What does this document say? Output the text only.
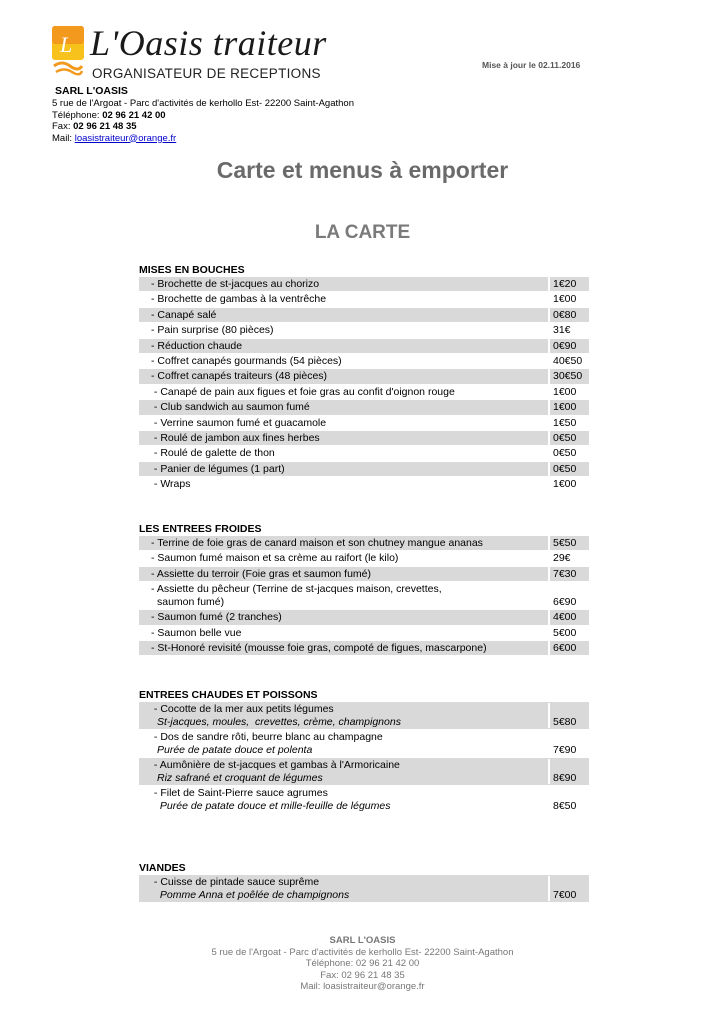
L L'Oasis traiteur
ORGANISATEUR DE RECEPTIONS
Mise à jour le 02.11.2016
SARL L'OASIS
5 rue de l'Argoat - Parc d'activités de kerhollo Est- 22200 Saint-Agathon
Téléphone: 02 96 21 42 00
Fax: 02 96 21 48 35
Mail: loasistraiteur@orange.fr
Carte et menus à emporter
LA CARTE
MISES EN BOUCHES
- Brochette de st-jacques au chorizo	1€20
- Brochette de gambas à la ventrêche	1€00
- Canapé salé	0€80
- Pain surprise (80 pièces)	31€
- Réduction chaude	0€90
- Coffret canapés gourmands (54 pièces)	40€50
- Coffret canapés traiteurs (48 pièces)	30€50
- Canapé de pain aux figues et foie gras au confit d'oignon rouge	1€00
- Club sandwich au saumon fumé	1€00
- Verrine saumon fumé et guacamole	1€50
- Roulé de jambon aux fines herbes	0€50
- Roulé de galette de thon	0€50
- Panier de légumes (1 part)	0€50
- Wraps	1€00
LES ENTREES FROIDES
- Terrine de foie gras de canard maison et son chutney mangue ananas	5€50
- Saumon fumé maison et sa crème au raifort (le kilo)	29€
- Assiette du terroir (Foie gras et saumon fumé)	7€30
- Assiette du pêcheur (Terrine de st-jacques maison, crevettes,
saumon fumé)	6€90
- Saumon fumé (2 tranches)	4€00
- Saumon belle vue	5€00
- St-Honoré revisité (mousse foie gras, compoté de figues, mascarpone)	6€00
ENTREES CHAUDES ET POISSONS
- Cocotte de la mer aux petits légumes
St-jacques, moules,  crevettes, crème, champignons	5€80
- Dos de sandre rôti, beurre blanc au champagne
Purée de patate douce et polenta	7€90
- Aumônière de st-jacques et gambas à l'Armoricaine
Riz safrané et croquant de légumes	8€90
- Filet de Saint-Pierre sauce agrumes
Purée de patate douce et mille-feuille de légumes	8€50
VIANDES
- Cuisse de pintade sauce suprême
Pomme Anna et poêlée de champignons	7€00
SARL L'OASIS
5 rue de l'Argoat - Parc d'activités de kerhollo Est- 22200 Saint-Agathon
Téléphone: 02 96 21 42 00
Fax: 02 96 21 48 35
Mail: loasistraiteur@orange.fr
